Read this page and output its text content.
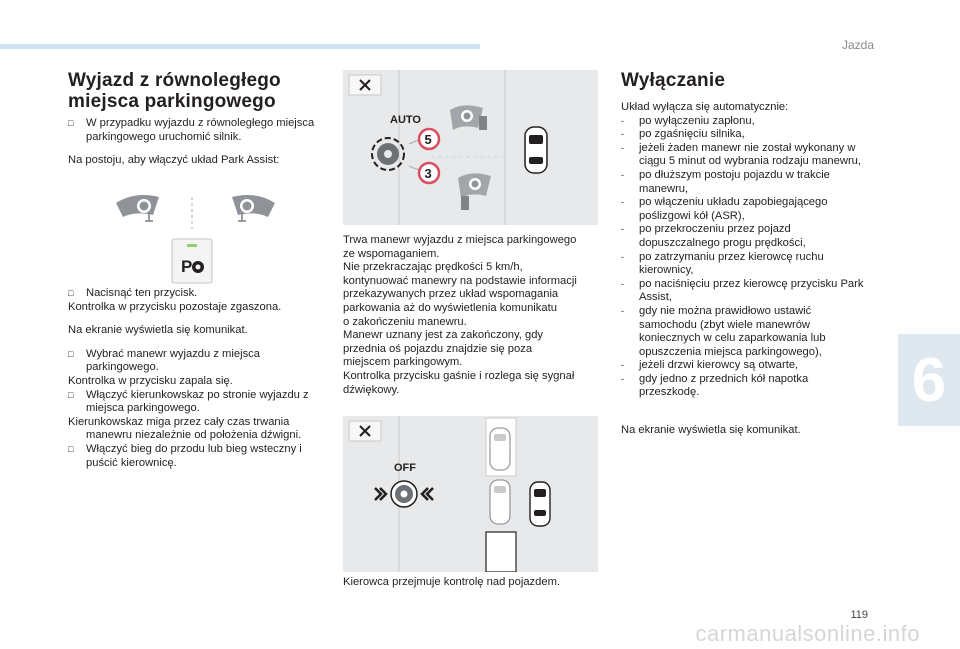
Jazda
Wyjazd z równoległego
miejsca parkingowego

□ W przypadku wyjazdu z równoległego miejsca parkingowego uruchomić silnik.

Na postoju, aby włączyć układ Park Assist:

P

□ Nacisnąć ten przycisk.

Kontrolka w przycisku pozostaje zgaszona.

Na ekranie wyświetla się komunikat.

□ Wybrać manewr wyjazdu z miejsca parkingowego.

Kontrolka w przycisku zapala się.

□ Włączyć kierunkowskaz po stronie wyjazdu z miejsca parkingowego.

Kierunkowskaz miga przez cały czas trwania manewru niezależnie od położenia dźwigni.

□ Włączyć bieg do przodu lub bieg wsteczny i puścić kierownicę.

AUTO
5
3

Trwa manewr wyjazdu z miejsca parkingowego

ze wspomaganiem.

Nie przekraczając prędkości 5 km/h,

kontynuować manewry na podstawie informacji

przekazywanych przez układ wspomagania

parkowania aż do wyświetlenia komunikatu

o zakończeniu manewru.

Manewr uznany jest za zakończony, gdy

przednia oś pojazdu znajdzie się poza

miejscem parkingowym.

Kontrolka przycisku gaśnie i rozlega się sygnał

dźwiękowy.

OFF
Kierowca przejmuje kontrolę nad pojazdem.
Wyłączanie

Układ wyłącza się automatycznie:

- po wyłączeniu zapłonu,

- po zgaśnięciu silnika,

- jeżeli żaden manewr nie został wykonany w ciągu 5 minut od wybrania rodzaju manewru,

- po dłuższym postoju pojazdu w trakcie manewru,

- po włączeniu układu zapobiegającego poślizgowi kół (ASR),

- po przekroczeniu przez pojazd dopuszczalnego progu prędkości,

- po zatrzymaniu przez kierowcę ruchu kierownicy,

- po naciśnięciu przez kierowcę przycisku Park Assist,

- gdy nie można prawidłowo ustawić samochodu (zbyt wiele manewrów koniecznych w celu zaparkowania lub opuszczenia miejsca parkingowego),

- jeżeli drzwi kierowcy są otwarte,

- gdy jedno z przednich kół napotka przeszkodę.

Na ekranie wyświetla się komunikat.

6
119
carmanualsonline.info
